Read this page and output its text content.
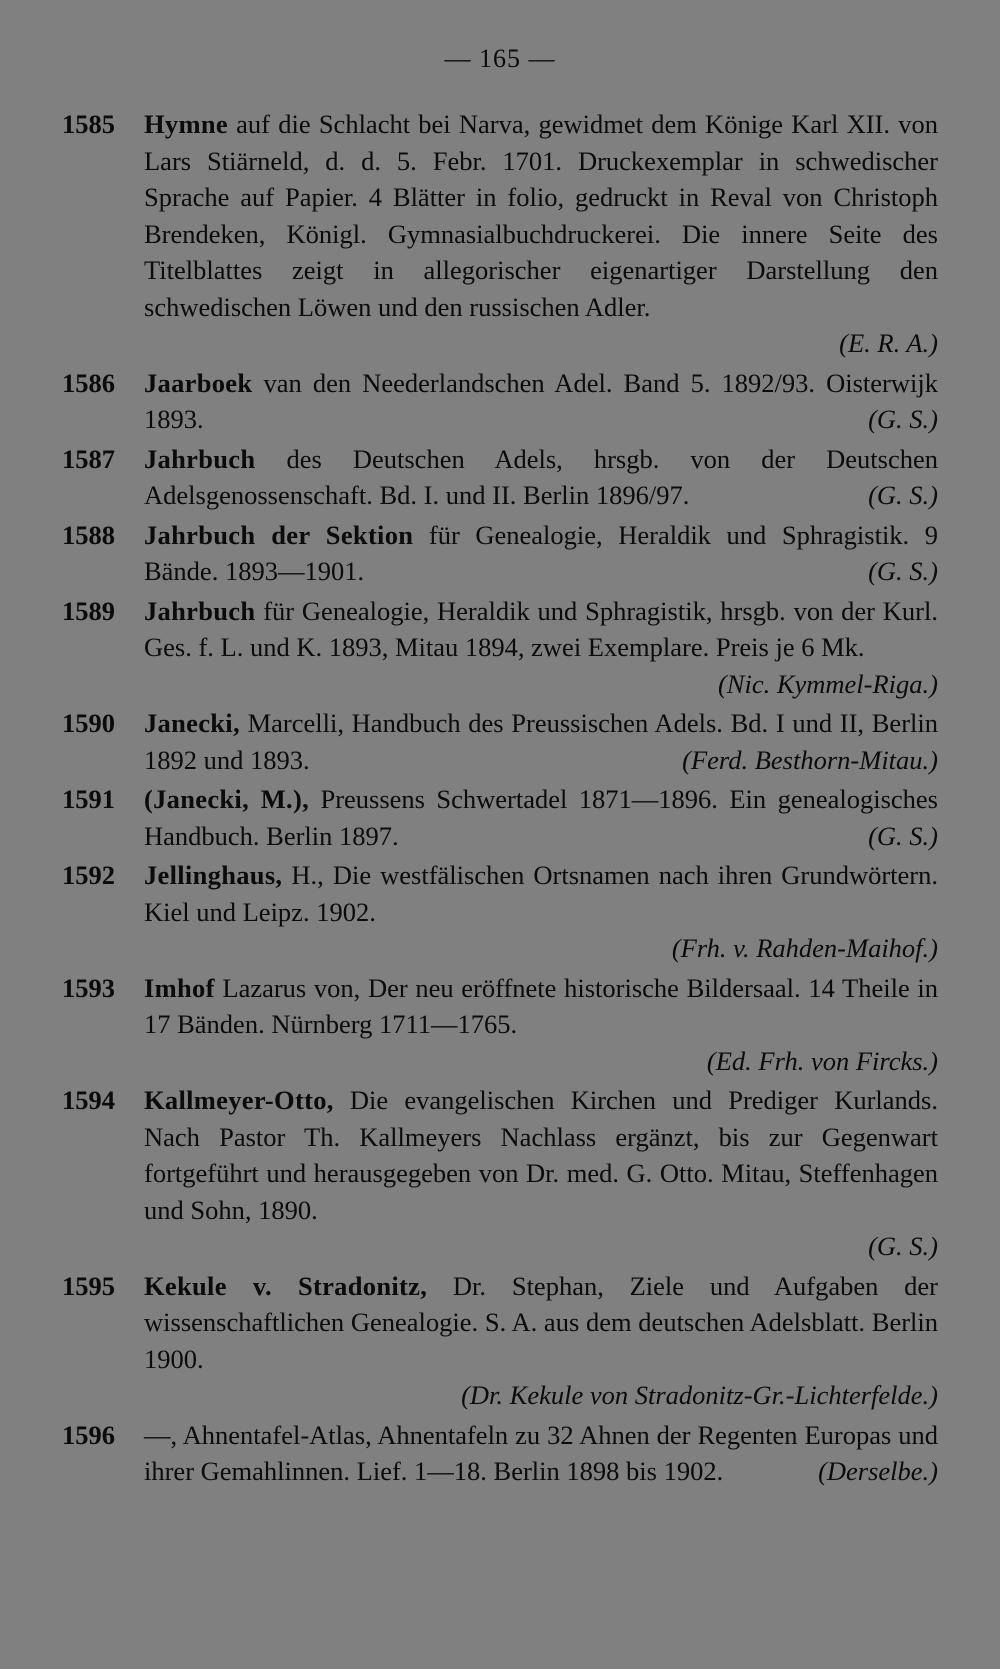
— 165 —
1585	Hymne auf die Schlacht bei Narva, gewidmet dem Könige Karl XII. von Lars Stiärneld, d. d. 5. Febr. 1701. Druckexemplar in schwedischer Sprache auf Papier. 4 Blätter in folio, gedruckt in Reval von Christoph Brendeken, Königl. Gymnasialbuchdruckerei. Die innere Seite des Titelblattes zeigt in allegorischer eigenartiger Darstellung den schwedischen Löwen und den russischen Adler.
(E. R. A.)
1586	Jaarboek van den Neederlandschen Adel. Band 5. 1892/93. Oisterwijk 1893.	(G. S.)
1587	Jahrbuch des Deutschen Adels, hrsgb. von der Deutschen Adelsgenossenschaft. Bd. I. und II. Berlin 1896/97.	(G. S.)
1588	Jahrbuch der Sektion für Genealogie, Heraldik und Sphragistik. 9 Bände. 1893—1901.	(G. S.)
1589	Jahrbuch für Genealogie, Heraldik und Sphragistik, hrsgb. von der Kurl. Ges. f. L. und K. 1893, Mitau 1894, zwei Exemplare. Preis je 6 Mk.
(Nic. Kymmel-Riga.)
1590	Janecki, Marcelli, Handbuch des Preussischen Adels. Bd. I und II, Berlin 1892 und 1893.	(Ferd. Besthorn-Mitau.)
1591	(Janecki, M.), Preussens Schwertadel 1871—1896. Ein genealogisches Handbuch. Berlin 1897.	(G. S.)
1592	Jellinghaus, H., Die westfälischen Ortsnamen nach ihren Grundwörtern. Kiel und Leipz. 1902.
(Frh. v. Rahden-Maihof.)
1593	Imhof Lazarus von, Der neu eröffnete historische Bildersaal. 14 Theile in 17 Bänden. Nürnberg 1711—1765.
(Ed. Frh. von Fircks.)
1594	Kallmeyer-Otto, Die evangelischen Kirchen und Prediger Kurlands. Nach Pastor Th. Kallmeyers Nachlass ergänzt, bis zur Gegenwart fortgeführt und herausgegeben von Dr. med. G. Otto. Mitau, Steffenhagen und Sohn, 1890.
(G. S.)
1595	Kekule v. Stradonitz, Dr. Stephan, Ziele und Aufgaben der wissenschaftlichen Genealogie. S. A. aus dem deutschen Adelsblatt. Berlin 1900.
(Dr. Kekule von Stradonitz-Gr.-Lichterfelde.)
1596	—, Ahnentafel-Atlas, Ahnentafeln zu 32 Ahnen der Regenten Europas und ihrer Gemahlinnen. Lief. 1—18. Berlin 1898 bis 1902.	(Derselbe.)
